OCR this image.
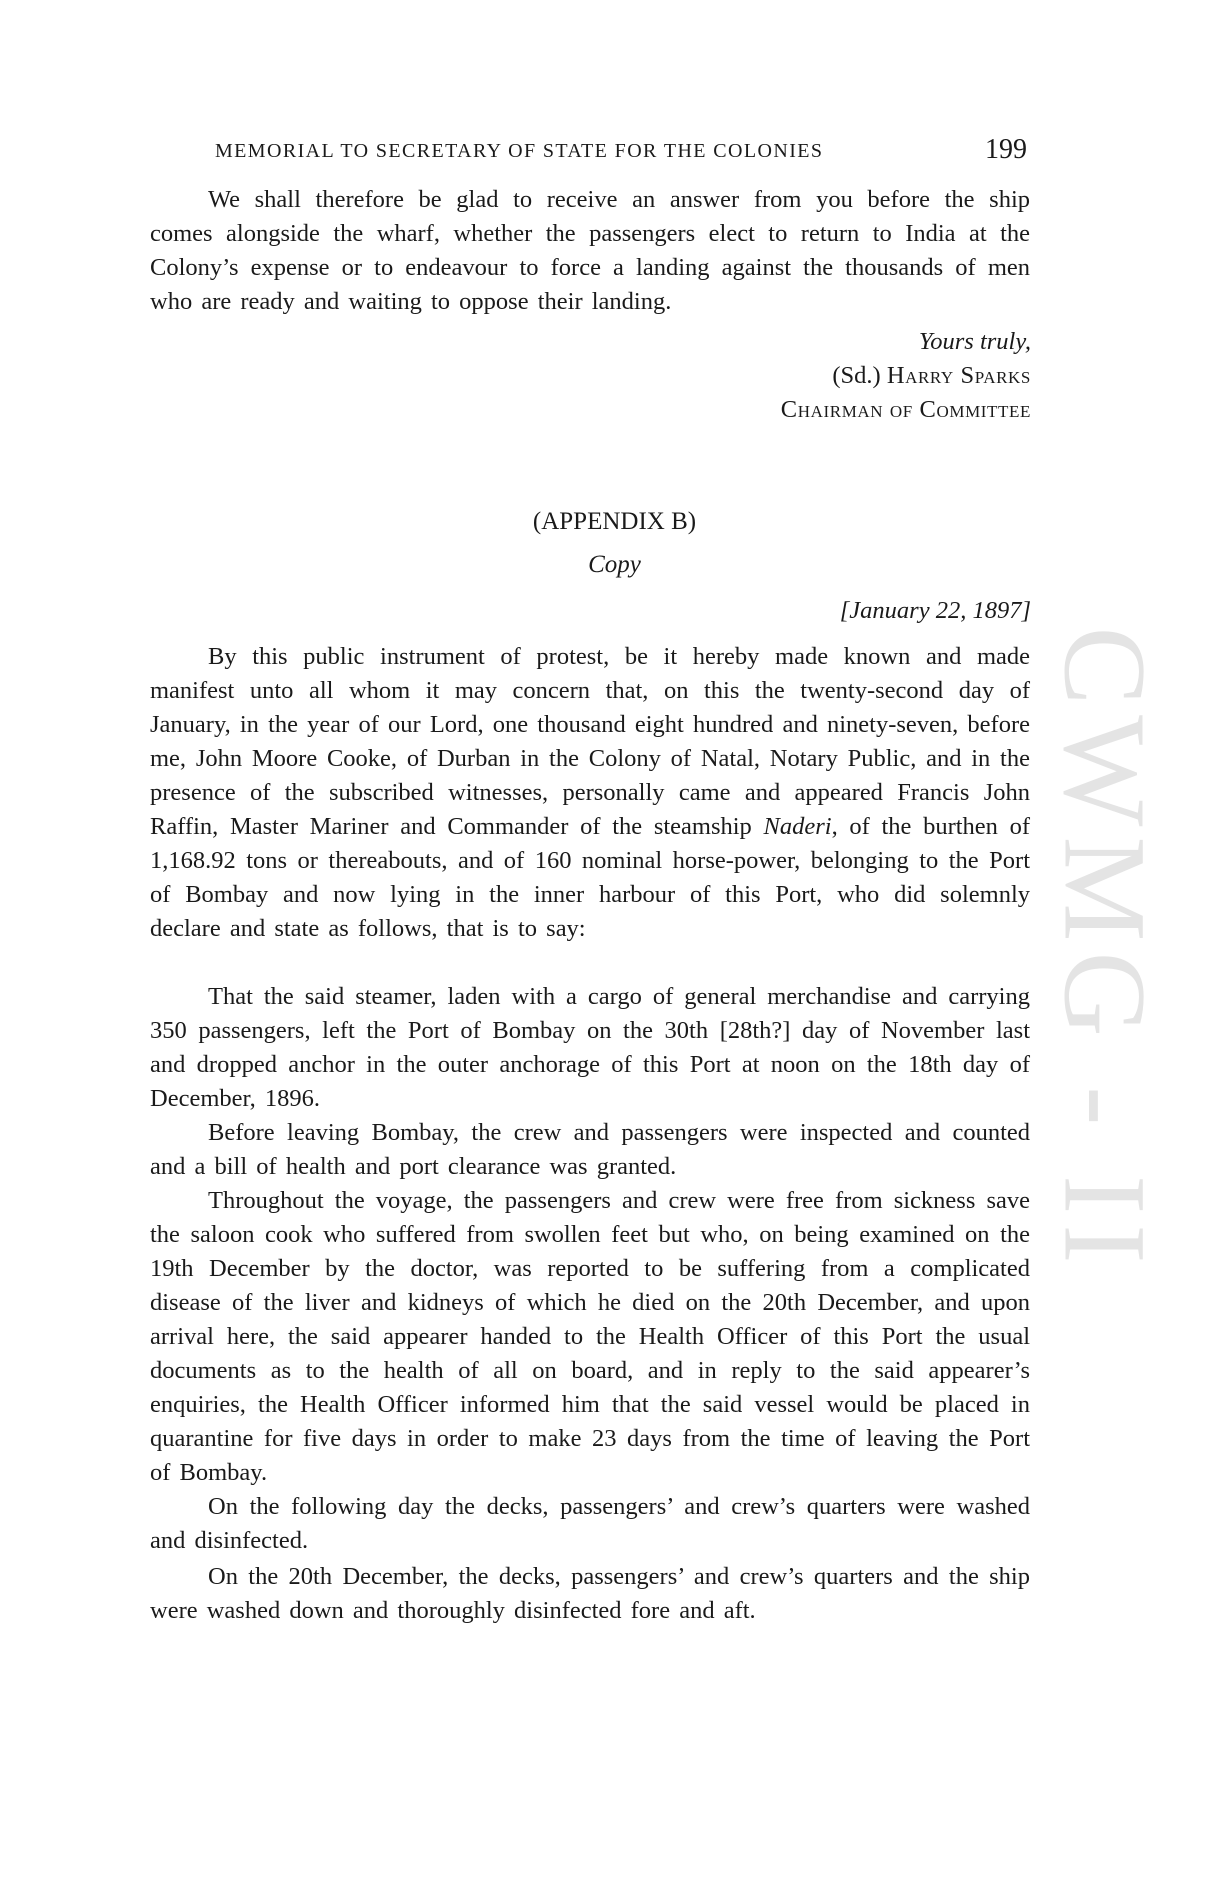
MEMORIAL TO SECRETARY OF STATE FOR THE COLONIES	199

We shall therefore be glad to receive an answer from you before the ship comes alongside the wharf, whether the passengers elect to return to India at the Colony’s expense or to endeavour to force a landing against the thousands of men who are ready and waiting to oppose their landing.

Yours truly,
(Sd.) Harry Sparks
Chairman of Committee
(APPENDIX B)
Copy
[January 22, 1897]

By this public instrument of protest, be it hereby made known and made manifest unto all whom it may concern that, on this the twenty-second day of January, in the year of our Lord, one thousand eight hundred and ninety-seven, before me, John Moore Cooke, of Durban in the Colony of Natal, Notary Public, and in the presence of the subscribed witnesses, personally came and appeared Francis John Raffin, Master Mariner and Commander of the steamship Naderi, of the burthen of 1,168.92 tons or thereabouts, and of 160 nominal horse-power, belonging to the Port of Bombay and now lying in the inner harbour of this Port, who did solemnly declare and state as follows, that is to say:

That the said steamer, laden with a cargo of general merchandise and carrying 350 passengers, left the Port of Bombay on the 30th [28th?] day of November last and dropped anchor in the outer anchorage of this Port at noon on the 18th day of December, 1896.

Before leaving Bombay, the crew and passengers were inspected and counted and a bill of health and port clearance was granted.

Throughout the voyage, the passengers and crew were free from sickness save the saloon cook who suffered from swollen feet but who, on being examined on the 19th December by the doctor, was reported to be suffering from a complicated disease of the liver and kidneys of which he died on the 20th December, and upon arrival here, the said appearer handed to the Health Officer of this Port the usual documents as to the health of all on board, and in reply to the said appearer’s enquiries, the Health Officer informed him that the said vessel would be placed in quarantine for five days in order to make 23 days from the time of leaving the Port of Bombay.

On the following day the decks, passengers’ and crew’s quarters were washed and disinfected.

On the 20th December, the decks, passengers’ and crew’s quarters and the ship were washed down and thoroughly disinfected fore and aft.

CWMG - II
